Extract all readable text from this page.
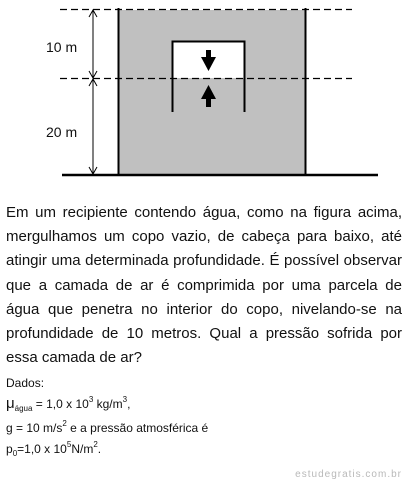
10 m
20 m

Em um recipiente contendo água, como na figura acima, mergulhamos um copo vazio, de cabeça para baixo, até atingir uma determinada profundidade. É possível observar que a camada de ar é comprimida por uma parcela de água que penetra no interior do copo, nivelando-se na profundidade de 10 metros. Qual a pressão sofrida por essa camada de ar?

Dados:
$\mu_{água} = 1,0$ x $10^3$ $kg/m^3$,
g = 10 $m/s^2$ e a pressão atmosférica é
$p_0=1,0$ x $10^5N/m^2$.
estudegratis.com.br
